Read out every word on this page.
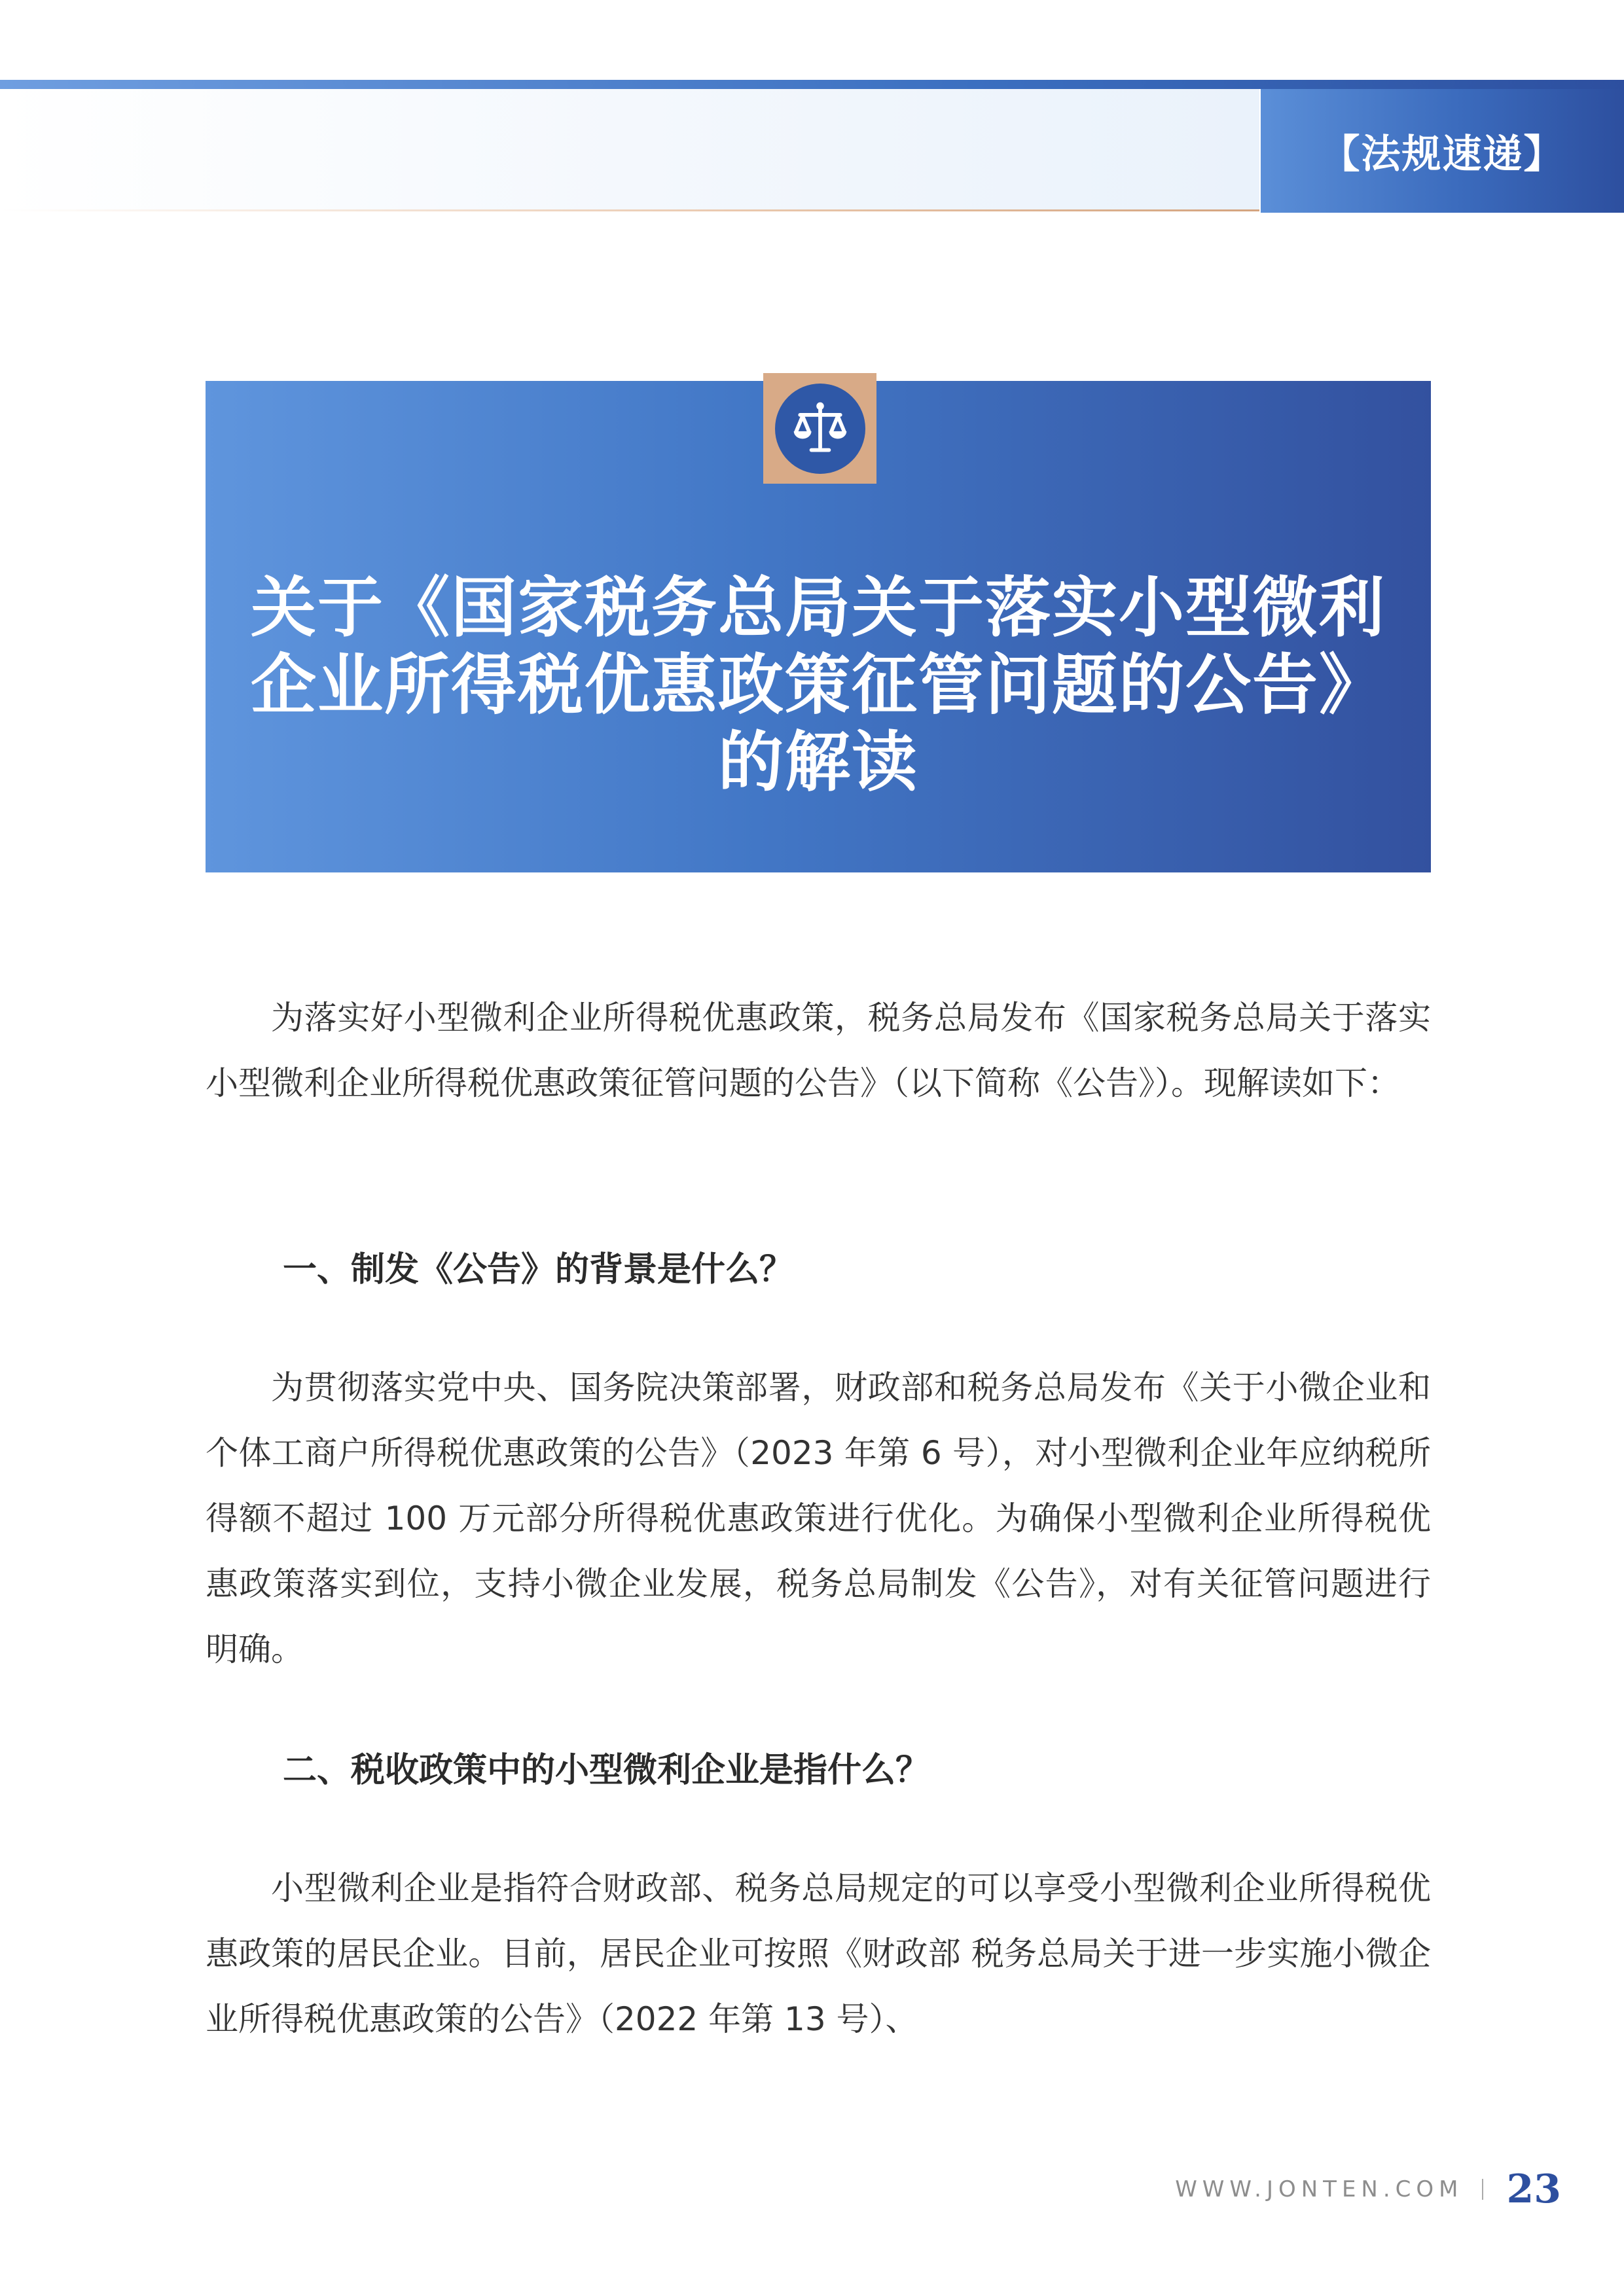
【法规速递】
关于《国家税务总局关于落实小型微利企业所得税优惠政策征管问题的公告》的解读

为落实好小型微利企业所得税优惠政策，税务总局发布《国家税务总局关于落实小型微利企业所得税优惠政策征管问题的公告》（以下简称《公告》）。现解读如下：

一、制发《公告》的背景是什么？

为贯彻落实党中央、国务院决策部署，财政部和税务总局发布《关于小微企业和个体工商户所得税优惠政策的公告》（2023 年第 6 号），对小型微利企业年应纳税所得额不超过 100 万元部分所得税优惠政策进行优化。为确保小型微利企业所得税优惠政策落实到位，支持小微企业发展，税务总局制发《公告》，对有关征管问题进行明确。

二、税收政策中的小型微利企业是指什么？

小型微利企业是指符合财政部、税务总局规定的可以享受小型微利企业所得税优惠政策的居民企业。目前，居民企业可按照《财政部 税务总局关于进一步实施小微企业所得税优惠政策的公告》（2022 年第 13 号）、

WWW.JONTEN.COM 23
